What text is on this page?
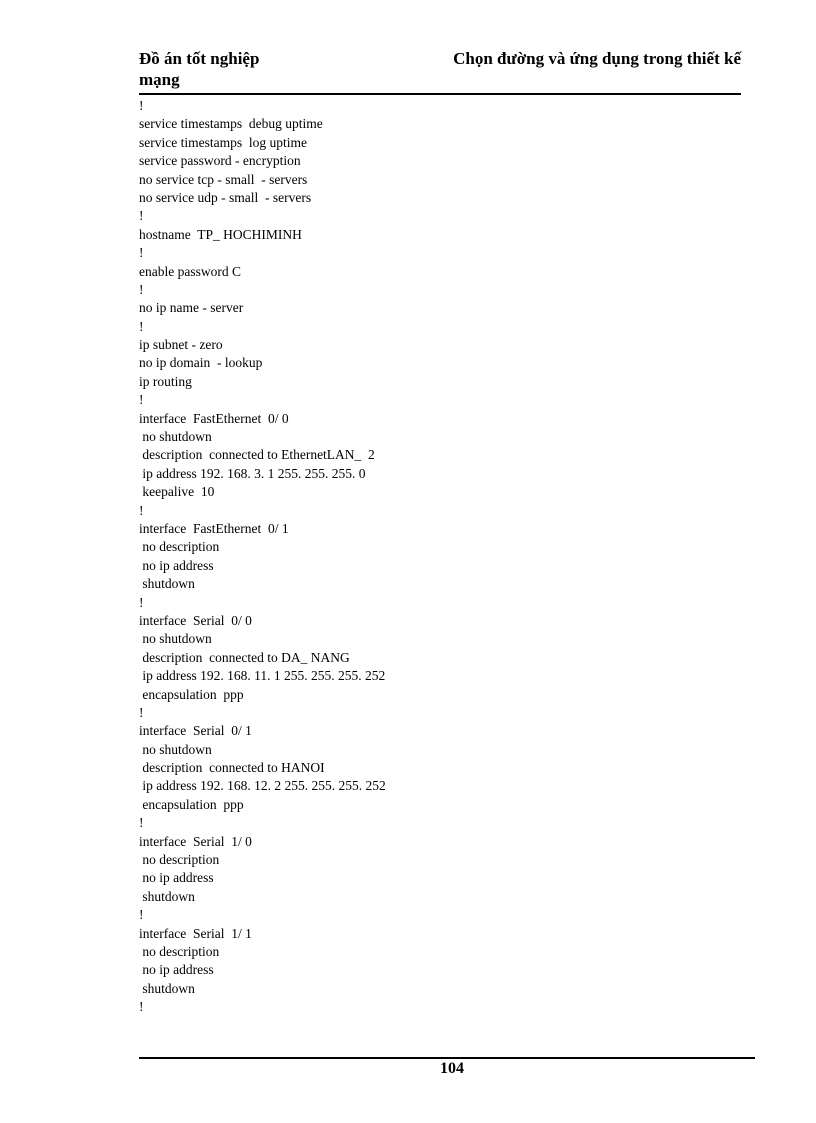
Đồ án tốt nghiệp mạng
Chọn đường và ứng dụng trong thiết kế
!
service timestamps  debug uptime
service timestamps  log uptime
service password - encryption
no service tcp - small  - servers
no service udp - small  - servers
!
hostname  TP_ HOCHIMINH
!
enable password C
!
no ip name - server
!
ip subnet - zero
no ip domain  - lookup
ip routing
!
interface  FastEthernet  0/ 0
no shutdown
description  connected to EthernetLAN_  2
ip address 192. 168. 3. 1 255. 255. 255. 0
keepalive  10
!
interface  FastEthernet  0/ 1
no description
no ip address
shutdown
!
interface  Serial  0/ 0
no shutdown
description  connected to DA_ NANG
ip address 192. 168. 11. 1 255. 255. 255. 252
encapsulation  ppp
!
interface  Serial  0/ 1
no shutdown
description  connected to HANOI
ip address 192. 168. 12. 2 255. 255. 255. 252
encapsulation  ppp
!
interface  Serial  1/ 0
no description
no ip address
shutdown
!
interface  Serial  1/ 1
no description
no ip address
shutdown
!
104
